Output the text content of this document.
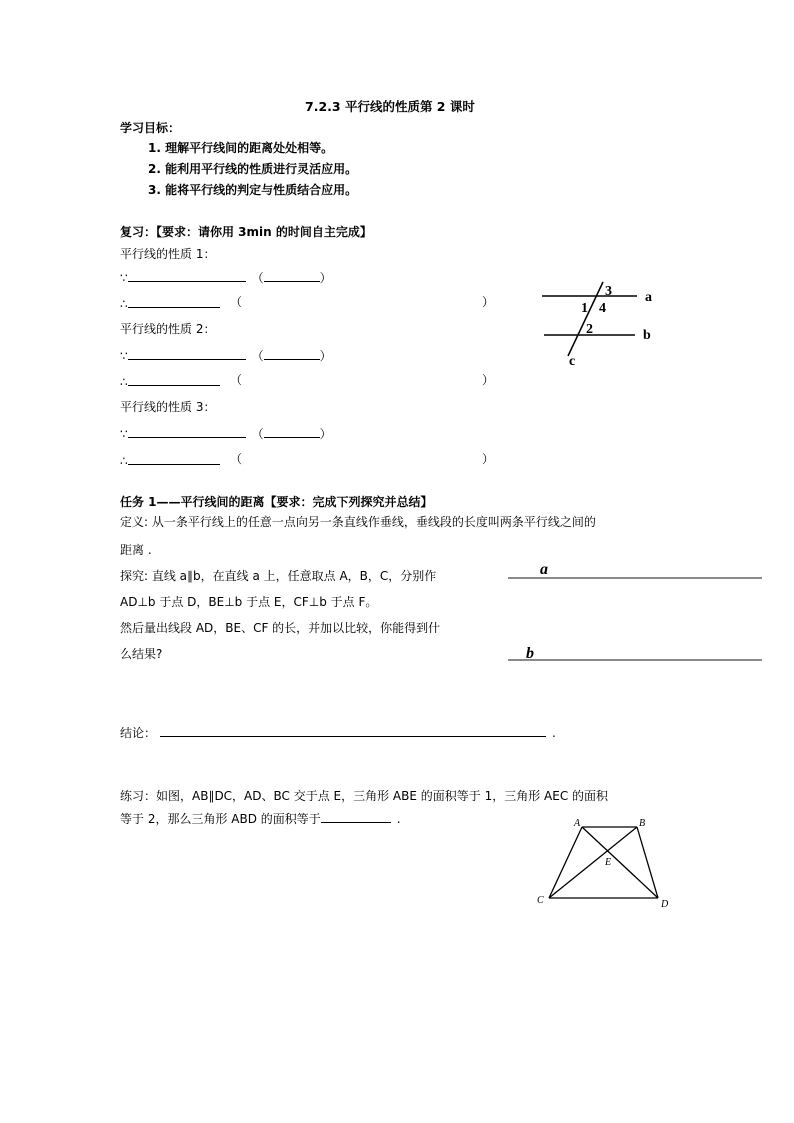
7.2.3 平行线的性质第 2 课时
学习目标：
1. 理解平行线间的距离处处相等。
2. 能利用平行线的性质进行灵活应用。
3. 能将平行线的判定与性质结合应用。
复习：【要求：请你用 3min 的时间自主完成】
平行线的性质 1：
∵	（	）
∴	（	）
平行线的性质 2：
∵	（	）
∴	（	）
平行线的性质 3：
∵	（	）
∴	（	）
3
1 4
2
a
b
c
任务 1——平行线间的距离【要求：完成下列探究并总结】
定义: 从一条平行线上的任意一点向另一条直线作垂线，垂线段的长度叫两条平行线之间的
距离 .
探究: 直线 a∥b，在直线 a 上，任意取点 A，B，C，分别作
AD⊥b 于点 D，BE⊥b 于点 E，CF⊥b 于点 F。
然后量出线段 AD，BE、CF 的长，并加以比较，你能得到什
么结果?
a
b
结论：	.
练习：如图，AB∥DC，AD、BC 交于点 E，三角形 ABE 的面积等于 1，三角形 AEC 的面积
等于 2，那么三角形 ABD 的面积等于	.	A	B
C	D
E
